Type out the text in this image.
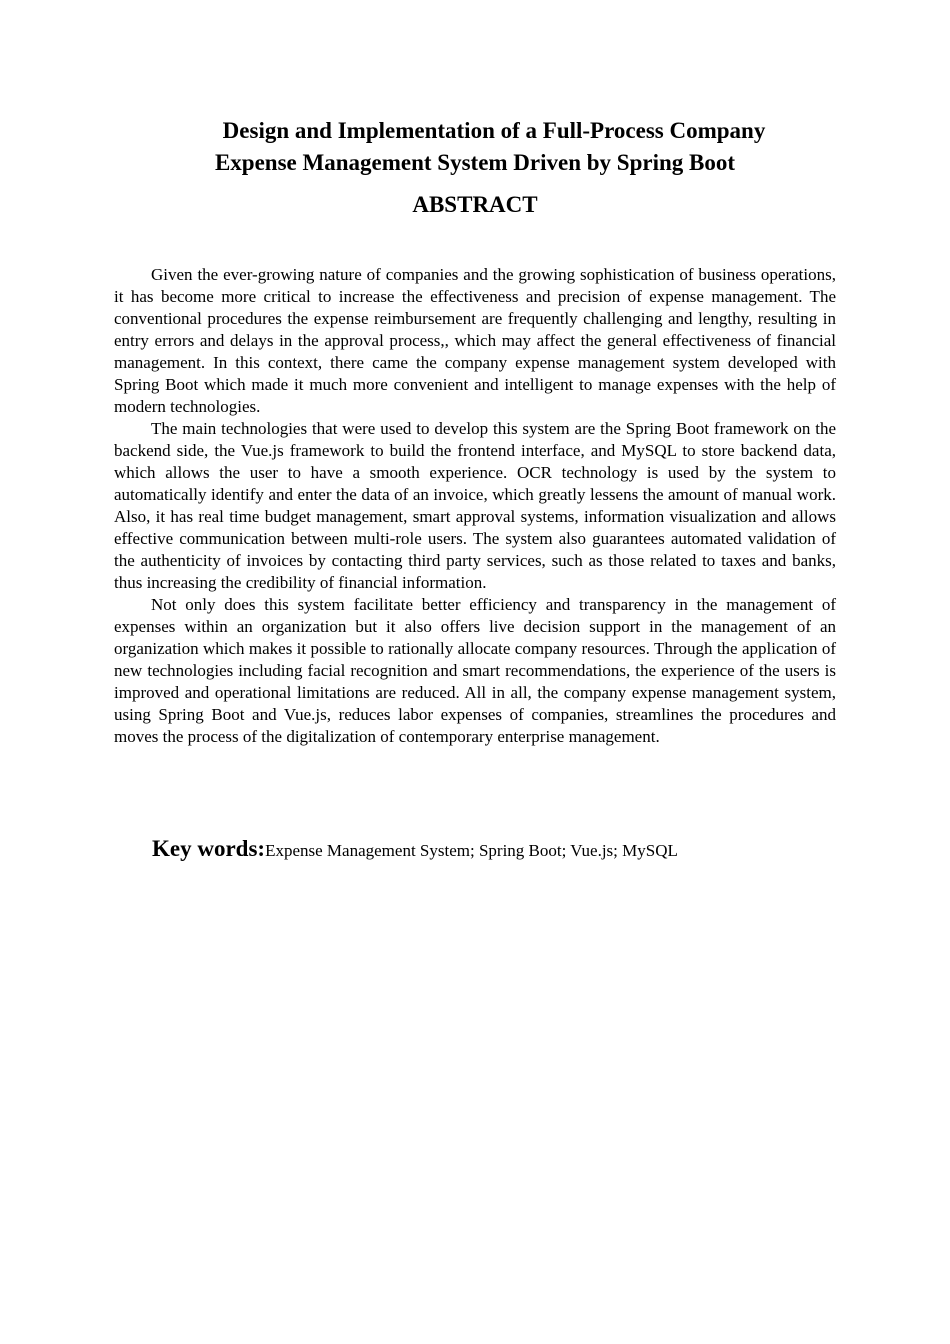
Design and Implementation of a Full-Process Company
Expense Management System Driven by Spring Boot
ABSTRACT

Given the ever-growing nature of companies and the growing sophistication of business operations, it has become more critical to increase the effectiveness and precision of expense management. The conventional procedures the expense reimbursement are frequently challenging and lengthy, resulting in entry errors and delays in the approval process,, which may affect the general effectiveness of financial management. In this context, there came the company expense management system developed with Spring Boot which made it much more convenient and intelligent to manage expenses with the help of modern technologies.

The main technologies that were used to develop this system are the Spring Boot framework on the backend side, the Vue.js framework to build the frontend interface, and MySQL to store backend data, which allows the user to have a smooth experience. OCR technology is used by the system to automatically identify and enter the data of an invoice, which greatly lessens the amount of manual work. Also, it has real time budget management, smart approval systems, information visualization and allows effective communication between multi-role users. The system also guarantees automated validation of the authenticity of invoices by contacting third party services, such as those related to taxes and banks, thus increasing the credibility of financial information.

Not only does this system facilitate better efficiency and transparency in the management of expenses within an organization but it also offers live decision support in the management of an organization which makes it possible to rationally allocate company resources. Through the application of new technologies including facial recognition and smart recommendations, the experience of the users is improved and operational limitations are reduced. All in all, the company expense management system, using Spring Boot and Vue.js, reduces labor expenses of companies, streamlines the procedures and moves the process of the digitalization of contemporary enterprise management.

Key words:Expense Management System; Spring Boot; Vue.js; MySQL
